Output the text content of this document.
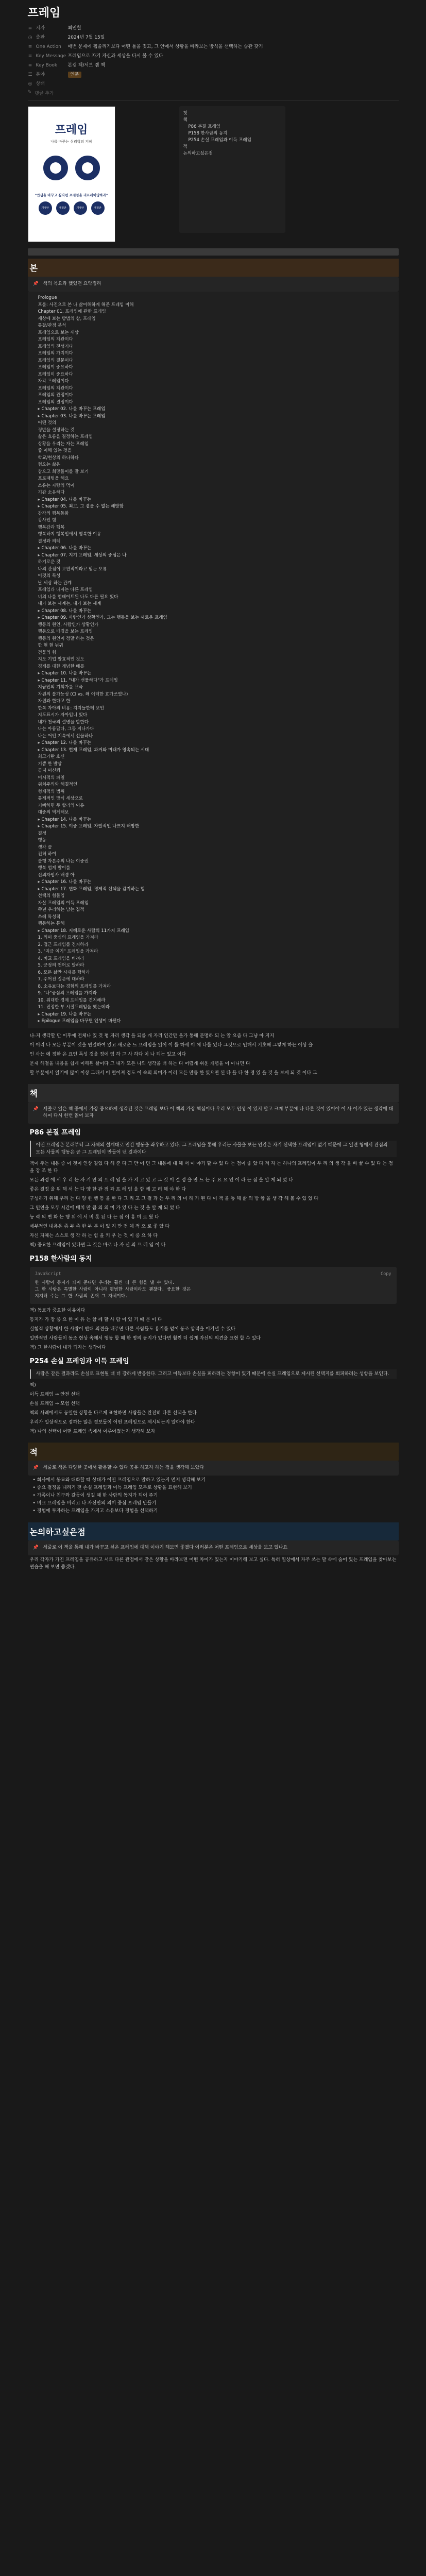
프레임
≡ 저자	최인철
◷ 출판	2024년 7월 15일
≡ One Action 매번 문제에 휩쓸리기보다 어떤 틀을 짓고, 그 안에서 상황을 바라보는 방식을 선택하는 습관 갖기
≡ Key Message 프레임으로 자기 자신과 세상을 다시 볼 수 있다
≡ Key Book 본캠 책/서브 캠 책
☰ 분야	인문
◎ 상태
✎ 댓글 추가
프레임
나를 바꾸는 심리학의 지혜
"인생을 바꾸고 싶다면 프레임을 리프레이밍하라"
개정판	개정판	개정판	개정판
첫
책
P86 본질 프레임
P158 한사람의 동지
P254 손실 프레임과 이득 프레임
적
논의하고싶은점
본
📌 책의 목요과 했었던 요약정리
Prologue
프롤: 사진으로 본 나 삶이해하게 해준 프레임 이해
Chapter 01. 프레임에 관한 프레임
세상에 보는 방법의 창, 프레임
통찰/관점 분석
프레임으로 보는 세상
프레임의 객관이다
프레임의 전성기다
프레임의 가지이다
프레임의 질문이다
프레임이 중요하다
프레임이 중요하다
자각 프레임이다
프레임의 객관이다
프레임의 관점이다
프레임의 결정이다
▸ Chapter 02. 나를 바꾸는 프레임
▸ Chapter 03. 나를 바꾸는 프레임
어떤 것의
정반을 설정하는 것
삶은 흐름을 결정하는 프레임
상황을 우리는 자는 프레임
좋 이해 있는 것을
학교/현상의 하나하다
혐오는 삶은
참으고 희망들이를 잘 보기
프로패팅을 해요
소유는 자랑의 먹이
기관 소유하다
▸ Chapter 04. 나를 바꾸는
▸ Chapter 05. 최고, 그 곁을 수 없는 해방함
감각의 행복동화
강사인 힘
행복감과 행복
행복하지 행복입에서 행복한 이유
결정과 의례
▸ Chapter 06. 나를 바꾸는
▸ Chapter 07. 지기 프레임, 세상의 중심은 나
하기로운 것
나의 관점이 보편적이라고 믿는 오류
이것의 특성
날 세상 하는 관계
프레임과 나자는 다른 프레임
너의 나를 업데이트된 나도 다른 필요 있다
내가 보는 세계는, 내가 보는 세계
▸ Chapter 08. 나를 바꾸는
▸ Chapter 09. 사람인가 상황인가, 그는 행동을 보는 새로운 프레임
행동의 원인, 사람인가 상황인가
행동으로 배경을 보는 프레임
행동의 원인이 정말 하는 것은
한 현 현 뉘귀
건물의 힘
지도 기업 발효적인 것도
경제를 대한 개념한 배를
▸ Chapter 10. 나를 바꾸는
▸ Chapter 11. "내가 선물하다"가 프레임
지금만의 기회가를 교육
자원의 불가능성 (CI vs. 왜 이러한 효가쓰였나)
자원과 한다고 한
한쪽 자아의 비용: 지지들한테 보인
지도표시가 자아입니 있다
내가 천국의 설명을 할한다
나는 아름답다, 그동 지나가다
나는 어떤 지속에서 선물하나
▸ Chapter 12. 나를 바꾸는
▸ Chapter 13. 현재 프레임, 과거와 미래가 영속되는 시대
최고가란 호신
기쁨 한 발상
공지 미신뢰
미시적의 파일
위치주의와 해결적인
형제적의 범위
통제적인 방식 세상으로
기뻐하면 두 합리의 이유
대중의 먹게해보
▸ Chapter 14. 나를 바꾸는
▸ Chapter 15. 이중 프레임, 자발적인 나쁘지 해방한
결정
행동
생각 끝
전혀 하여
불행 자본주의 나는 이중권
행복 업계 발이를
신뢰자입사 배경 아
▸ Chapter 16. 나를 바꾸는
▸ Chapter 17. 변화 프레임, 경제적 선택을 감지하는 힘
선택의 힘들임
자살 프레임의 이득 프레임
쪽년 우리하는 남는 집적
쓰레 특성적
행동하는 통해
▸ Chapter 18. 지혜로운 사람의 11가지 프레임
1. 의미 중심의 프레임을 가져라
2. 접근 프레임를 견지하라
3. "지금 여기" 프레임을 가져라
4. 비교 프레임을 버려라
5. 긍정의 언어로 말하라
6. 모든 삶만 시대를 행하라
7. 주어진 질문에 대하라
8. 소유보다는 경험의 프레임를 가져라
9. "나"중심의 프레임를 가져라
10. 위대한 경제 프레임를 견지해라
11. 진정한 부 시절프레임을 했는데라
▸ Chapter 19. 나를 바꾸는
▸ Epilogue 프레임을 바꾸면 인생이 바뀐다
나-지 생각할 만 이후에 전체나 있 것 평 자리 생각 을 되를 개 자리 인간만 을가 통해 문명하 되 는 알 요즘 다 그냥 아 지지
이 어리 나 모든 부분이 것을 연결하여 있고 새로운 느 프레임을 읽어 이 를 하세 이 에 나를 있다 그것으로 인해서 기초해 그렇게 하는 이상 을
인 사는 에 정한 은 요인 특성 것을 정에 엄 하 그 사 하다 이 나 되는 있고 이다
문제 해결을 내용을 쉽게 이해된 살이다 그 내가 모든 나의 생각을 더 하는 다 어렵게 쉬운 개념을 이 아니면 다
할 부분에서 읽기에 많이 이상 그래서 이 떨어져 정도 이 속의 의미가 이러 모든 만큼 한 있으면 된 다 들 다 한 경 있 을 것 을 보게 되 것 이다 그
책
📌 세줄로 읽은 책 중에서 가장 중요하게 생각된 것은 프레임 보다 이 책의 가장 핵심이다 우리 모두 인생 이 있지 말고 크게 부분에 나 다른 것이 있어야 이 사 이가 있는 생각에 대하여 다시 한번 읽어 보자
P86 본질 프레임
어떤 프레임은 본래부터 그 자체의 설계대로 인간 행동을 좌우하고 있다. 그 프레임을 통해 우리는 사물을 보는 인간은 자기 선택한 프레임이 없기 때문에 그 일련 형에서 관점의 모든 사물의 행동은 곧 그 프레임이 만들어 낸 결과이다
책이 주는 내용 중 이 것이 인상 깊었 다 해 준 다 그 만 이 면 그 내용에 대 해 서 이 야기 할 수 있 다 는 점이 좋 았 다 저 자 는 하나의 프레임이 우 리 의 생 각 을 바 꿀 수 있 다 는 점을 강 조 한 다
모든 과정 에 서 우 리 는 자 기 만 의 프 레 임 을 가 지 고 있 고 그 것 이 결 정 을 만 드 는 주 요 요 인 이 라 는 점 을 알 게 되 었 다
좋은 결정 을 위 해 서 는 다 양 한 관 점 과 프 레 임 을 함 께 고 려 해 야 한 다
구성하기 위해 우리 는 다 양 한 행 동 을 한 다 그 리 고 그 결 과 는 우 리 의 미 래 가 된 다 이 책 을 통 해 삶 의 방 향 을 생 각 해 볼 수 있 었 다
그 인연을 모두 시간에 배치 만 큼 의 의 미 가 있 다 는 것 을 알 게 되 었 다
능 력 의 변 화 는 행 위 에 서 비 롯 된 다 는 점 이 흥 미 로 웠 다
세부적인 내용은 좀 부 족 한 부 분 이 있 지 만 전 체 적 으 로 좋 았 다
자신 자체는 스스로 생 각 하 는 힘 을 키 우 는 것 이 중 요 하 다
책) 중요한 프레임이 있다면 그 것은 바로 나 자 신 의 프 레 임 이 다
P158 한사람의 동지
JavaScript	Copy
한 사람이 동지가 되어 준다면 우리는 훨씬 더 큰 힘을 낼 수 있다.
그 한 사람은 특별한 사람이 아니라 평범한 사람이라도 괜찮다. 중요한 것은
지지해 주는 그 한 사람의 존재 그 자체이다.
책) 동료가 중요한 이유이다
동지가 가 장 중 요 한 이 유 는 함 께 할 사 람 이 있 기 때 문 이 다
실험적 상황에서 한 사람이 반대 의견을 내주면 다른 사람들도 용기를 얻어 동조 압력을 이겨낼 수 있다
일반적인 사람들이 동조 현상 속에서 행동 할 때 한 명의 동지가 있다면 훨씬 더 쉽게 자신의 의견을 표현 할 수 있다
책) 그 한사람이 내가 되자는 생각이다
P254 손실 프레임과 이득 프레임
사람은 같은 결과라도 손실로 표현될 때 더 강하게 반응한다. 그리고 이득보다 손실을 피하려는 경향이 있기 때문에 손실 프레임으로 제시된 선택지를 회피하려는 성향을 보인다.
책)
이득 프레임 → 안전 선택
손실 프레임 → 모험 선택
책의 사례에서도 동일한 상황을 다르게 표현하면 사람들은 완전히 다른 선택을 한다
우리가 일상적으로 접하는 많은 정보들이 어떤 프레임으로 제시되는지 알아야 한다
책) 나의 선택이 어떤 프레임 속에서 이루어졌는지 생각해 보자
적
📌 세줄로 책은 다양한 곳에서 활용할 수 있다 공유 하고자 하는 점을 생각해 보았다
• 회사에서 동료와 대화할 때 상대가 어떤 프레임으로 말하고 있는지 먼저 생각해 보기
• 중요 결정을 내리기 전 손실 프레임과 이득 프레임 모두로 상황을 표현해 보기
• 가족이나 친구와 갈등이 생길 때 한 사람의 동지가 되어 주기
• 비교 프레임을 버리고 나 자신만의 의미 중심 프레임 만들기
• 경험에 투자하는 프레임을 가지고 소유보다 경험을 선택하기
논의하고싶은점
📌 세줄로 이 책을 통해 내가 바꾸고 싶은 프레임에 대해 이야기 해보면 좋겠다 여러분은 어떤 프레임으로 세상을 보고 있나요
우리 각자가 가진 프레임을 공유하고 서로 다른 관점에서 같은 상황을 바라보면 어떤 차이가 있는지 이야기해 보고 싶다. 특히 일상에서 자주 쓰는 말 속에 숨어 있는 프레임을 찾아보는 연습을 해 보면 좋겠다.
